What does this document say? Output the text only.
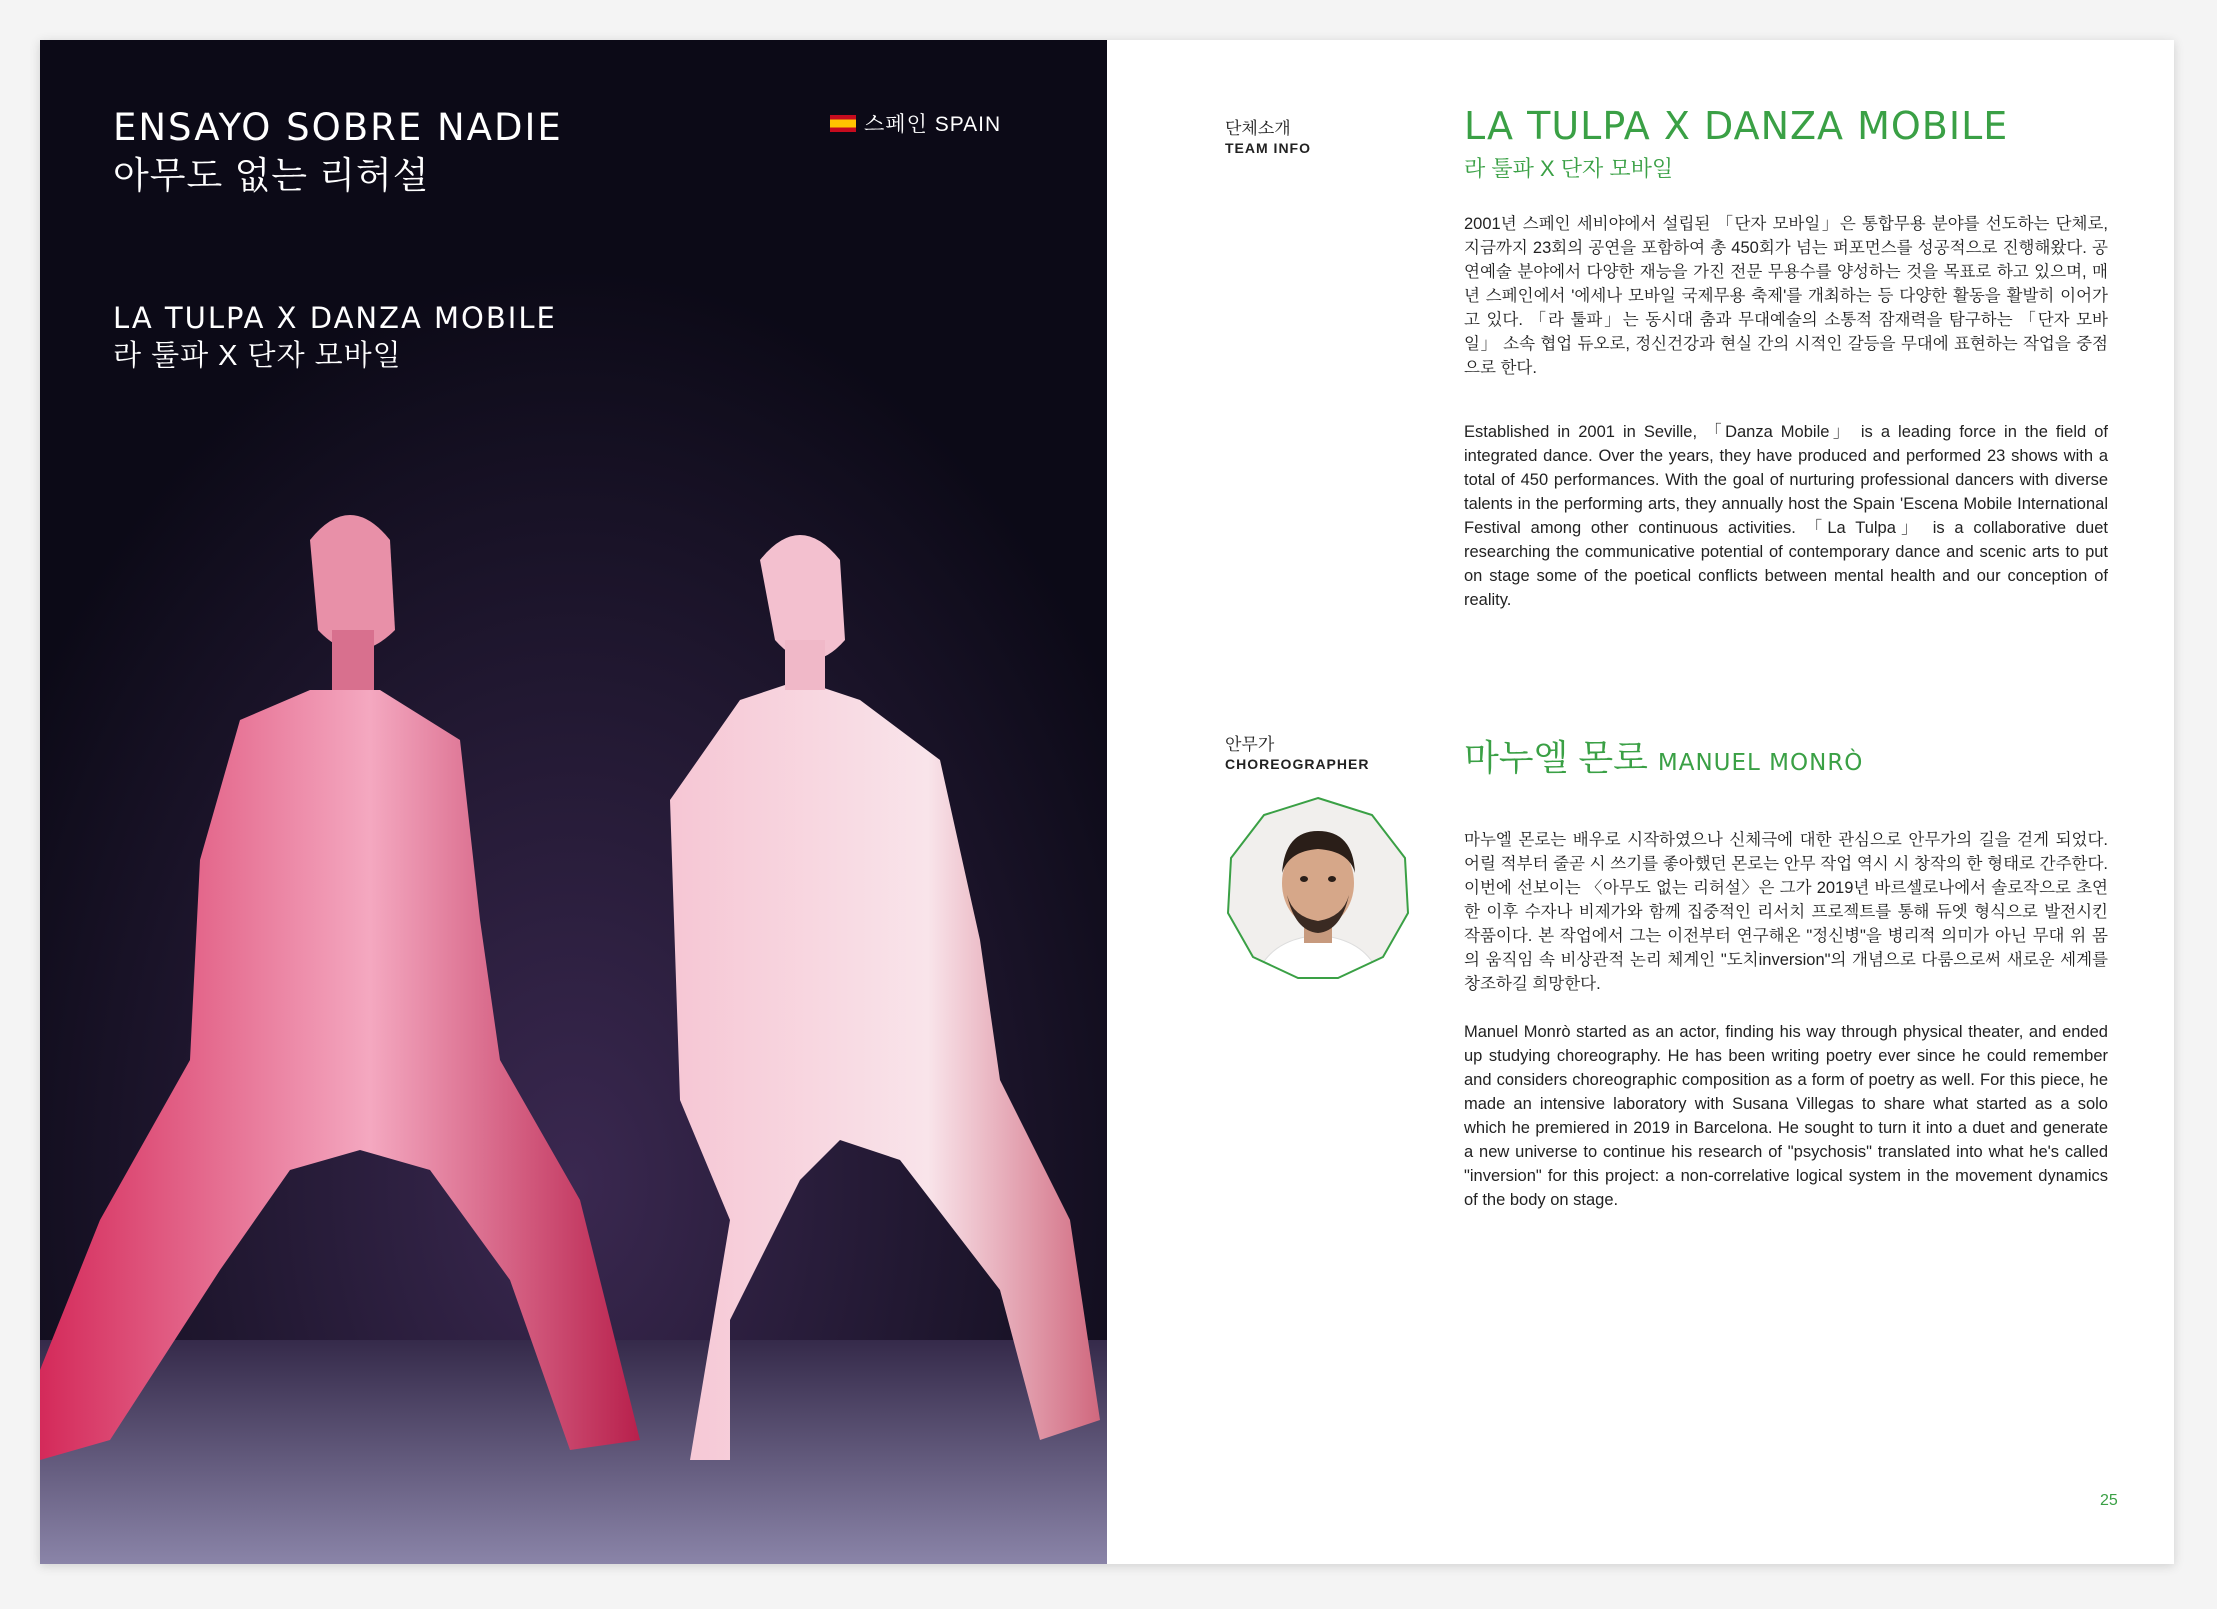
ENSAYO SOBRE NADIE
아무도 없는 리허설
스페인 SPAIN
LA TULPA X DANZA MOBILE
라 툴파 X 단자 모바일
단체소개
TEAM INFO	LA TULPA X DANZA MOBILE
라 툴파 X 단자 모바일

2001년 스페인 세비야에서 설립된 「단자 모바일」은 통합무용 분야를 선도하는 단체로, 지금까지 23회의 공연을 포함하여 총 450회가 넘는 퍼포먼스를 성공적으로 진행해왔다. 공연예술 분야에서 다양한 재능을 가진 전문 무용수를 양성하는 것을 목표로 하고 있으며, 매년 스페인에서 '에세나 모바일 국제무용 축제'를 개최하는 등 다양한 활동을 활발히 이어가고 있다. 「라 툴파」는 동시대 춤과 무대예술의 소통적 잠재력을 탐구하는 「단자 모바일」 소속 협업 듀오로, 정신건강과 현실 간의 시적인 갈등을 무대에 표현하는 작업을 중점으로 한다.

Established in 2001 in Seville, 「Danza Mobile」 is a leading force in the field of integrated dance. Over the years, they have produced and performed 23 shows with a total of 450 performances. With the goal of nurturing professional dancers with diverse talents in the performing arts, they annually host the Spain 'Escena Mobile International Festival among other continuous activities. 「La Tulpa」 is a collaborative duet researching the communicative potential of contemporary dance and scenic arts to put on stage some of the poetical conflicts between mental health and our conception of reality.

안무가
CHOREOGRAPHER	마누엘 몬로 MANUEL MONRÒ

마누엘 몬로는 배우로 시작하였으나 신체극에 대한 관심으로 안무가의 길을 걷게 되었다. 어릴 적부터 줄곧 시 쓰기를 좋아했던 몬로는 안무 작업 역시 시 창작의 한 형태로 간주한다. 이번에 선보이는 〈아무도 없는 리허설〉은 그가 2019년 바르셀로나에서 솔로작으로 초연한 이후 수자나 비제가와 함께 집중적인 리서치 프로젝트를 통해 듀엣 형식으로 발전시킨 작품이다. 본 작업에서 그는 이전부터 연구해온 "정신병"을 병리적 의미가 아닌 무대 위 몸의 움직임 속 비상관적 논리 체계인 "도치inversion"의 개념으로 다룸으로써 새로운 세계를 창조하길 희망한다.

Manuel Monrò started as an actor, finding his way through physical theater, and ended up studying choreography. He has been writing poetry ever since he could remember and considers choreographic composition as a form of poetry as well. For this piece, he made an intensive laboratory with Susana Villegas to share what started as a solo which he premiered in 2019 in Barcelona. He sought to turn it into a duet and generate a new universe to continue his research of "psychosis" translated into what he's called "inversion" for this project: a non-correlative logical system in the movement dynamics of the body on stage.

25
